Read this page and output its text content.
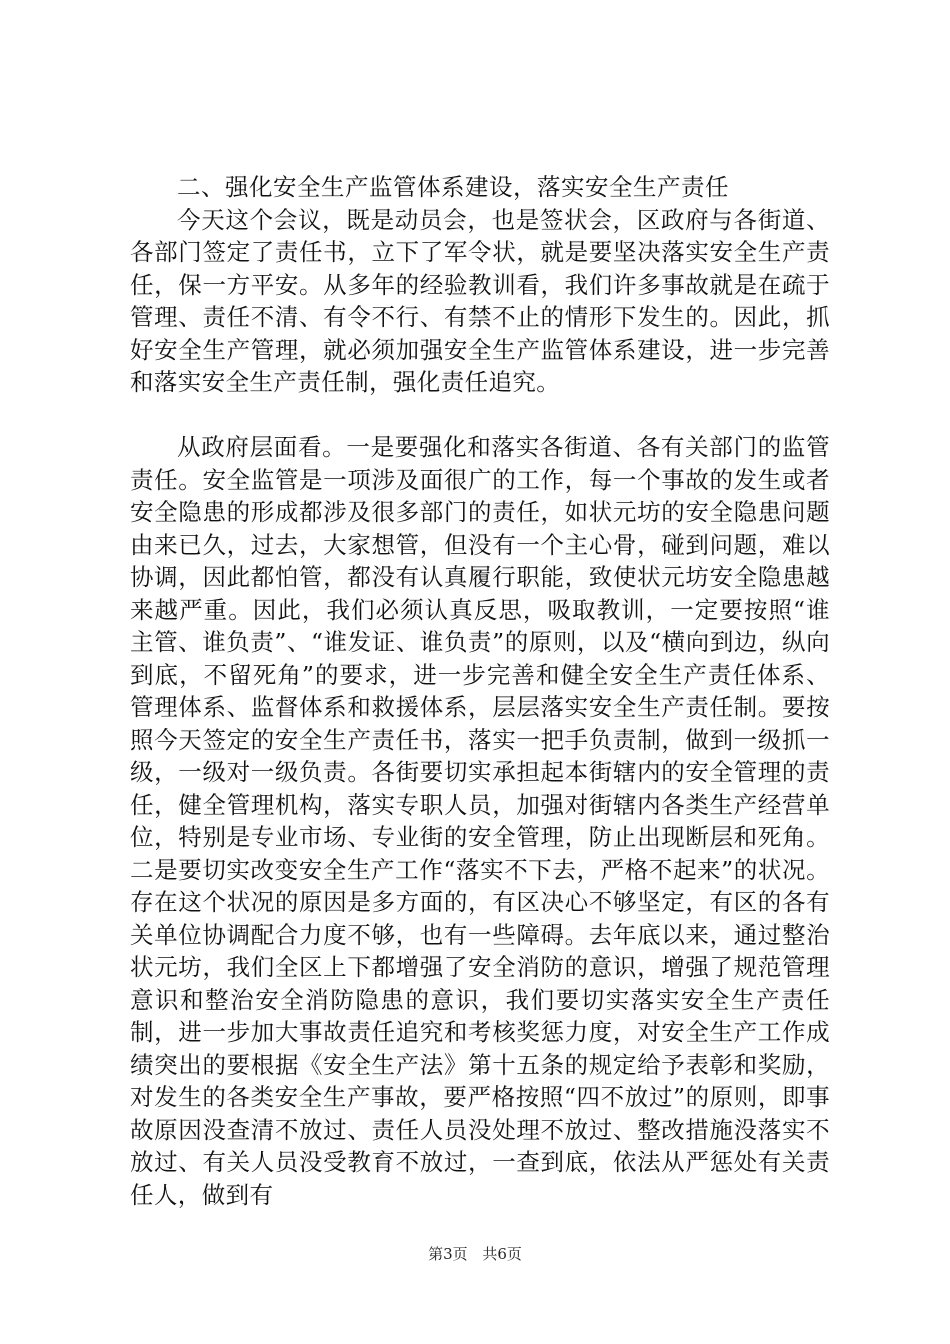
二、强化安全生产监管体系建设，落实安全生产责任

今天这个会议，既是动员会，也是签状会，区政府与各街道、各部门签定了责任书，立下了军令状，就是要坚决落实安全生产责任，保一方平安。从多年的经验教训看，我们许多事故就是在疏于管理、责任不清、有令不行、有禁不止的情形下发生的。因此，抓好安全生产管理，就必须加强安全生产监管体系建设，进一步完善和落实安全生产责任制，强化责任追究。

从政府层面看。一是要强化和落实各街道、各有关部门的监管责任。安全监管是一项涉及面很广的工作，每一个事故的发生或者安全隐患的形成都涉及很多部门的责任，如状元坊的安全隐患问题由来已久，过去，大家想管，但没有一个主心骨，碰到问题，难以协调，因此都怕管，都没有认真履行职能，致使状元坊安全隐患越来越严重。因此，我们必须认真反思，吸取教训，一定要按照“谁主管、谁负责”、“谁发证、谁负责”的原则，以及“横向到边，纵向到底，不留死角”的要求，进一步完善和健全安全生产责任体系、管理体系、监督体系和救援体系，层层落实安全生产责任制。要按照今天签定的安全生产责任书，落实一把手负责制，做到一级抓一级，一级对一级负责。各街要切实承担起本街辖内的安全管理的责任，健全管理机构，落实专职人员，加强对街辖内各类生产经营单位，特别是专业市场、专业街的安全管理，防止出现断层和死角。二是要切实改变安全生产工作“落实不下去，严格不起来”的状况。存在这个状况的原因是多方面的，有区决心不够坚定，有区的各有关单位协调配合力度不够，也有一些障碍。去年底以来，通过整治状元坊，我们全区上下都增强了安全消防的意识，增强了规范管理意识和整治安全消防隐患的意识，我们要切实落实安全生产责任制，进一步加大事故责任追究和考核奖惩力度，对安全生产工作成绩突出的要根据《安全生产法》第十五条的规定给予表彰和奖励，对发生的各类安全生产事故，要严格按照“四不放过”的原则，即事故原因没查清不放过、责任人员没处理不放过、整改措施没落实不放过、有关人员没受教育不放过，一查到底，依法从严惩处有关责任人，做到有

第3页 共6页
